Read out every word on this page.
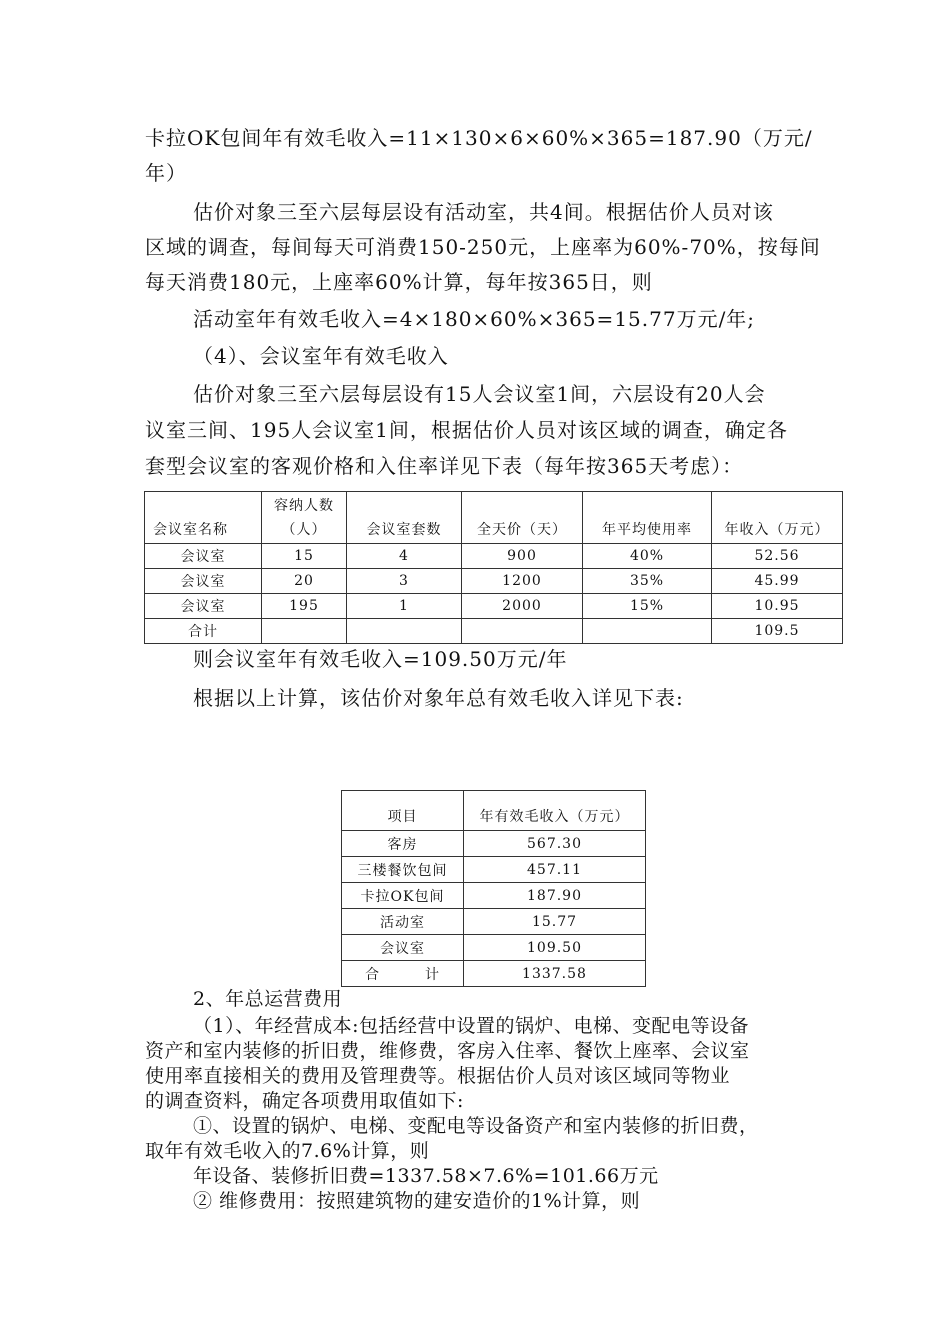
卡拉OK包间年有效毛收入=11×130×6×60%×365=187.90（万元/
年）
估价对象三至六层每层设有活动室，共4间。根据估价人员对该
区域的调查，每间每天可消费150-250元，上座率为60%-70%，按每间
每天消费180元，上座率60%计算，每年按365日，则
活动室年有效毛收入=4×180×60%×365=15.77万元/年;
（4）、会议室年有效毛收入
估价对象三至六层每层设有15人会议室1间，六层设有20人会
议室三间、195人会议室1间，根据估价人员对该区域的调查，确定各
套型会议室的客观价格和入住率详见下表（每年按365天考虑）：
会议室名称	容纳人数
（人）	会议室套数	全天价（天）	年平均使用率	年收入（万元）
会议室	15	4	900	40%	52.56
会议室	20	3	1200	35%	45.99
会议室	195	1	2000	15%	10.95
合计					109.5
则会议室年有效毛收入=109.50万元/年
根据以上计算，该估价对象年总有效毛收入详见下表:
项目	年有效毛收入（万元）
客房	567.30
三楼餐饮包间	457.11
卡拉OK包间	187.90
活动室	15.77
会议室	109.50
合　　　计	1337.58
2、年总运营费用
（1）、年经营成本:包括经营中设置的锅炉、电梯、变配电等设备
资产和室内装修的折旧费，维修费，客房入住率、餐饮上座率、会议室
使用率直接相关的费用及管理费等。根据估价人员对该区域同等物业
的调查资料，确定各项费用取值如下:
①、设置的锅炉、电梯、变配电等设备资产和室内装修的折旧费，
取年有效毛收入的7.6%计算，则
年设备、装修折旧费=1337.58×7.6%=101.66万元
② 维修费用：按照建筑物的建安造价的1%计算，则
